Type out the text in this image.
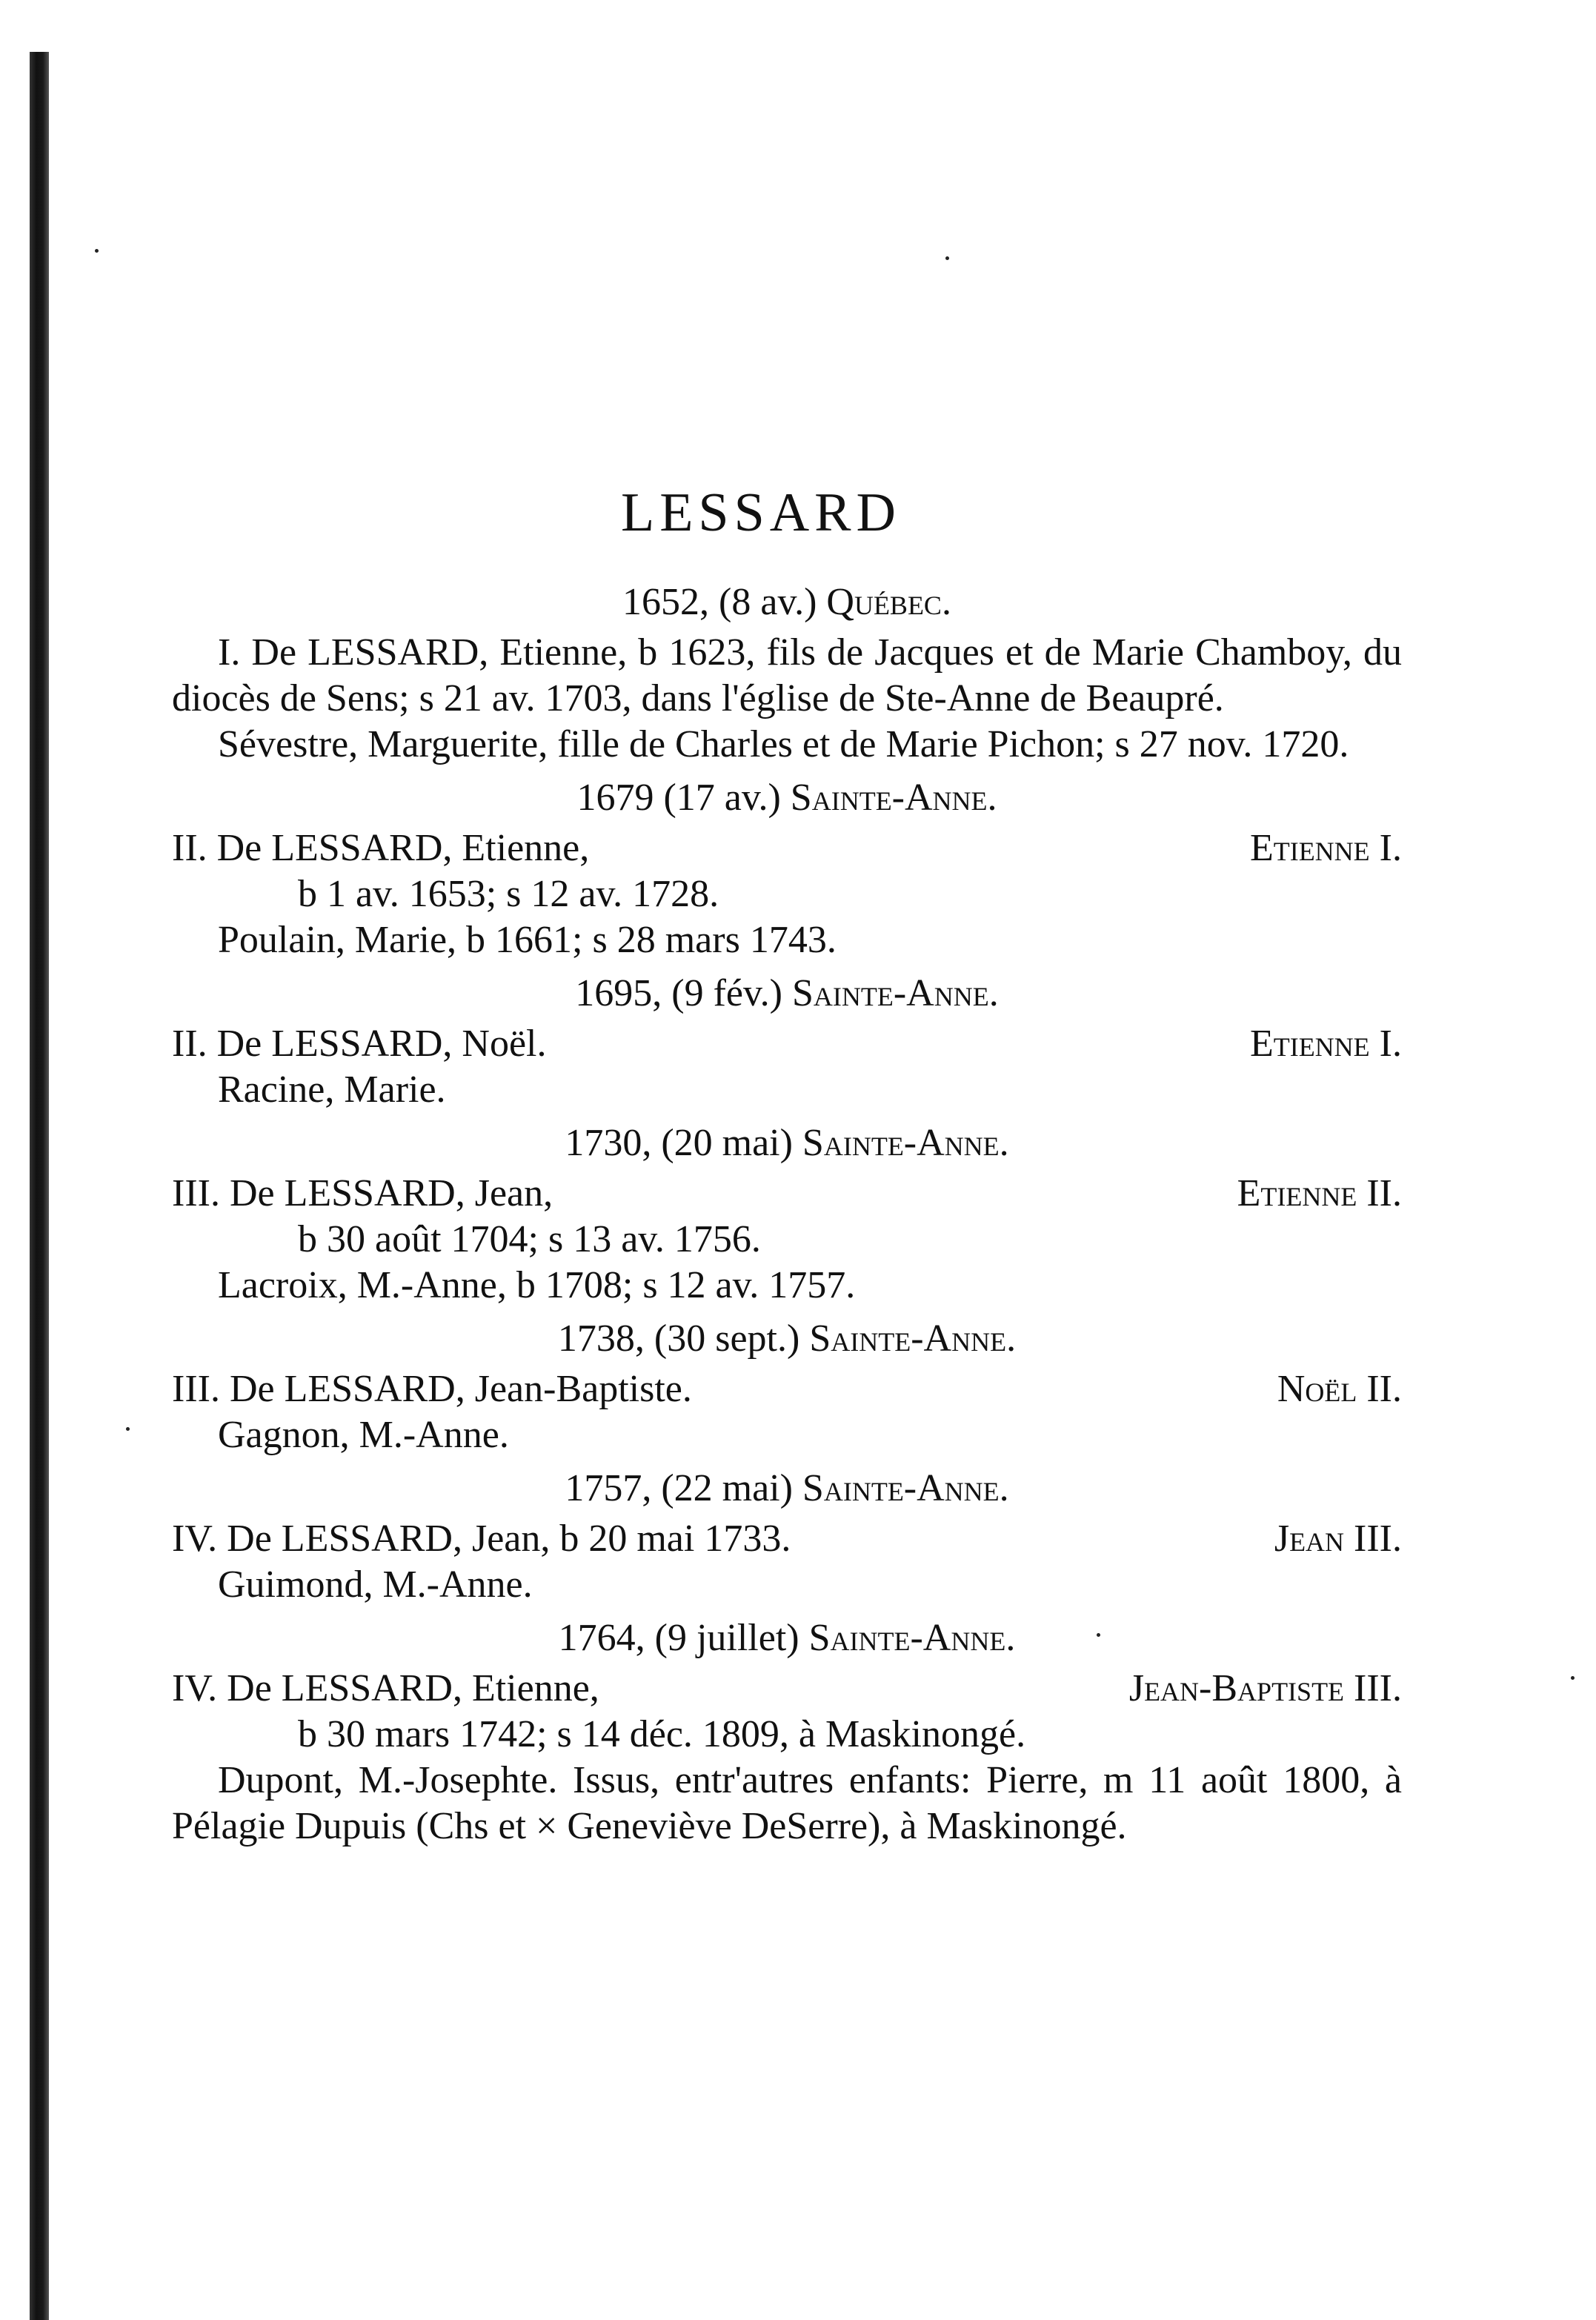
LESSARD
1652, (8 av.) Québec.
I. De LESSARD, Etienne, b 1623, fils de Jacques et de Marie Chamboy, du diocès de Sens; s 21 av. 1703, dans l'église de Ste-Anne de Beaupré.
Sévestre, Marguerite, fille de Charles et de Marie Pichon; s 27 nov. 1720.
1679 (17 av.) Sainte-Anne.
II. De LESSARD, Etienne,	Etienne I.
b 1 av. 1653; s 12 av. 1728.
Poulain, Marie, b 1661; s 28 mars 1743.
1695, (9 fév.) Sainte-Anne.
II. De LESSARD, Noël.	Etienne I.
Racine, Marie.
1730, (20 mai) Sainte-Anne.
III. De LESSARD, Jean,	Etienne II.
b 30 août 1704; s 13 av. 1756.
Lacroix, M.-Anne, b 1708; s 12 av. 1757.
1738, (30 sept.) Sainte-Anne.
III. De LESSARD, Jean-Baptiste.	Noël II.
Gagnon, M.-Anne.
1757, (22 mai) Sainte-Anne.
IV. De LESSARD, Jean, b 20 mai 1733.	Jean III.
Guimond, M.-Anne.
1764, (9 juillet) Sainte-Anne.
IV. De LESSARD, Etienne,	Jean-Baptiste III.
b 30 mars 1742; s 14 déc. 1809, à Maskinongé.
Dupont, M.-Josephte. Issus, entr'autres enfants: Pierre, m 11 août 1800, à Pélagie Dupuis (Chs et × Geneviève DeSerre), à Maskinongé.
